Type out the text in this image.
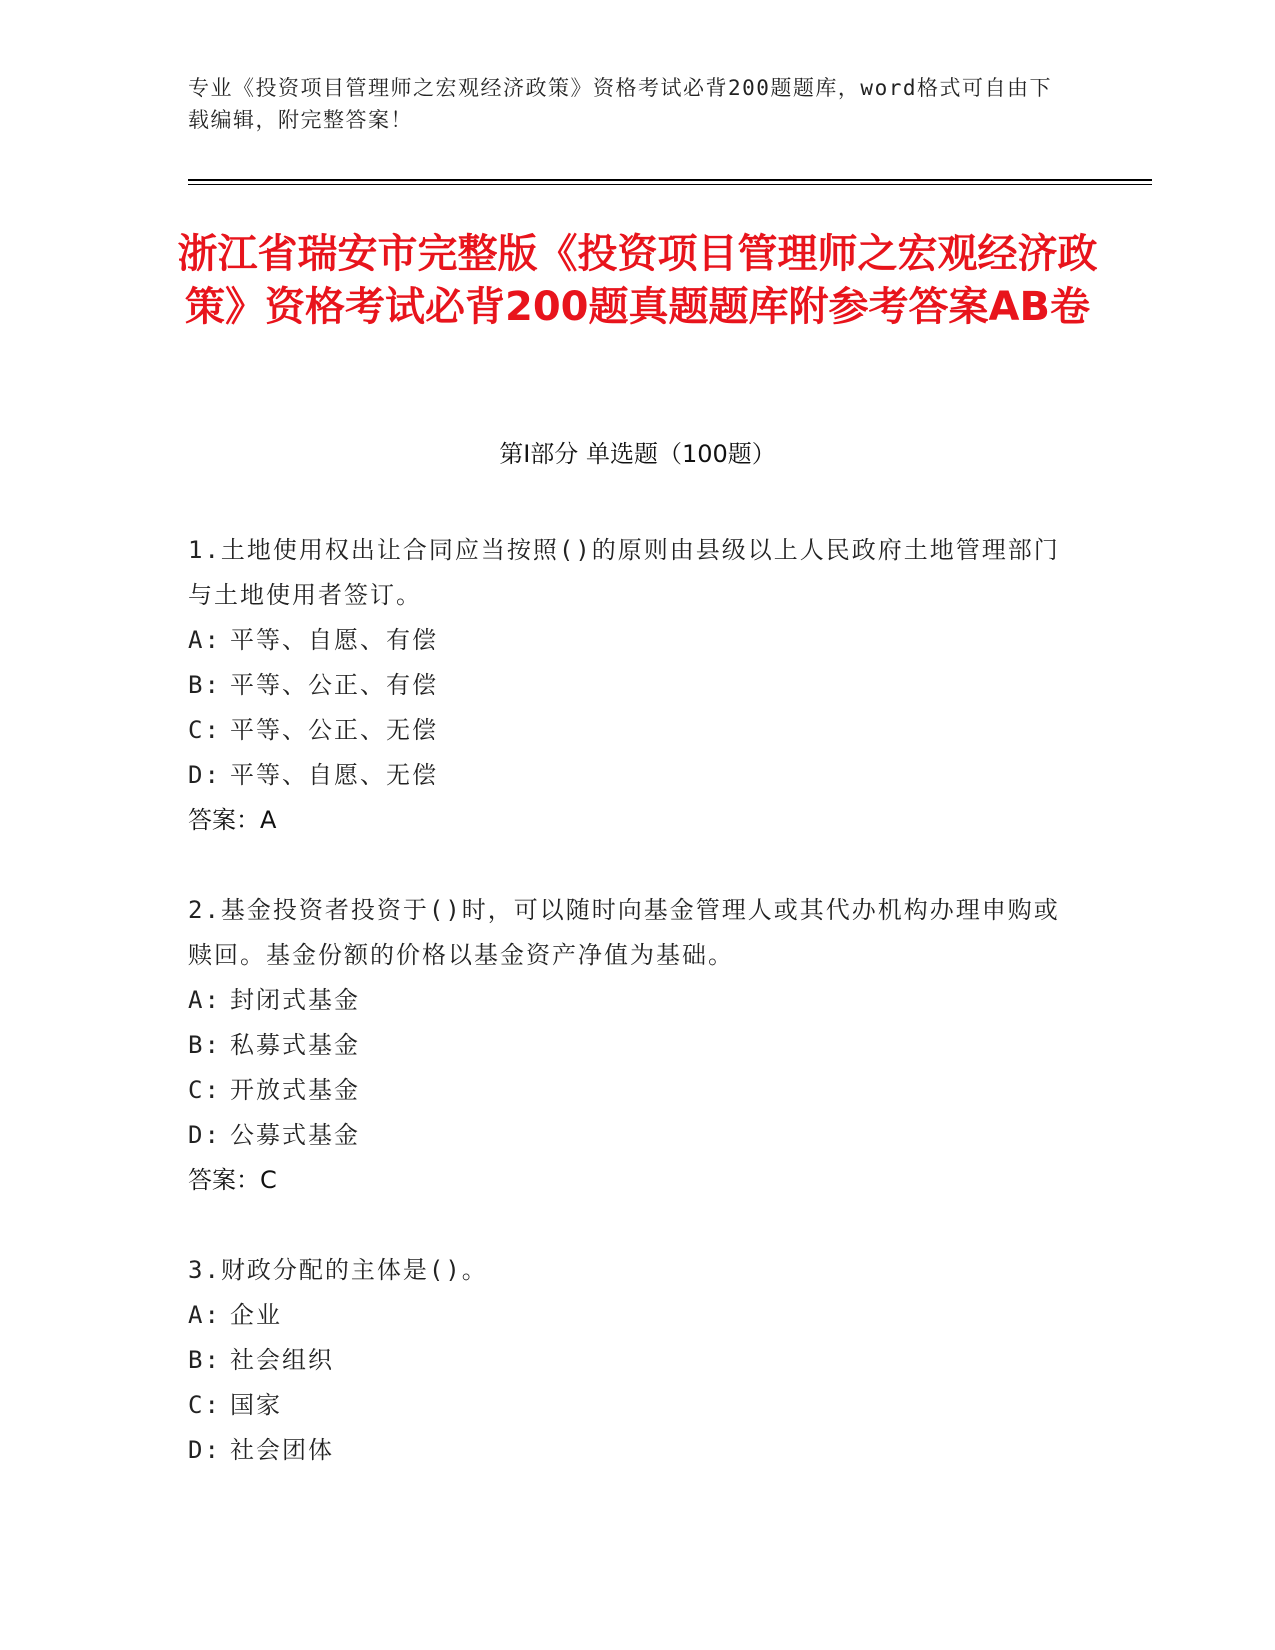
专业《投资项目管理师之宏观经济政策》资格考试必背200题题库，word格式可自由下载编辑，附完整答案！
浙江省瑞安市完整版《投资项目管理师之宏观经济政策》资格考试必背200题真题题库附参考答案AB卷
第Ⅰ部分 单选题（100题）
1.土地使用权出让合同应当按照()的原则由县级以上人民政府土地管理部门与土地使用者签订。
A: 平等、自愿、有偿
B: 平等、公正、有偿
C: 平等、公正、无偿
D: 平等、自愿、无偿
答案：A
2.基金投资者投资于()时，可以随时向基金管理人或其代办机构办理申购或赎回。基金份额的价格以基金资产净值为基础。
A: 封闭式基金
B: 私募式基金
C: 开放式基金
D: 公募式基金
答案：C
3.财政分配的主体是()。
A: 企业
B: 社会组织
C: 国家
D: 社会团体
